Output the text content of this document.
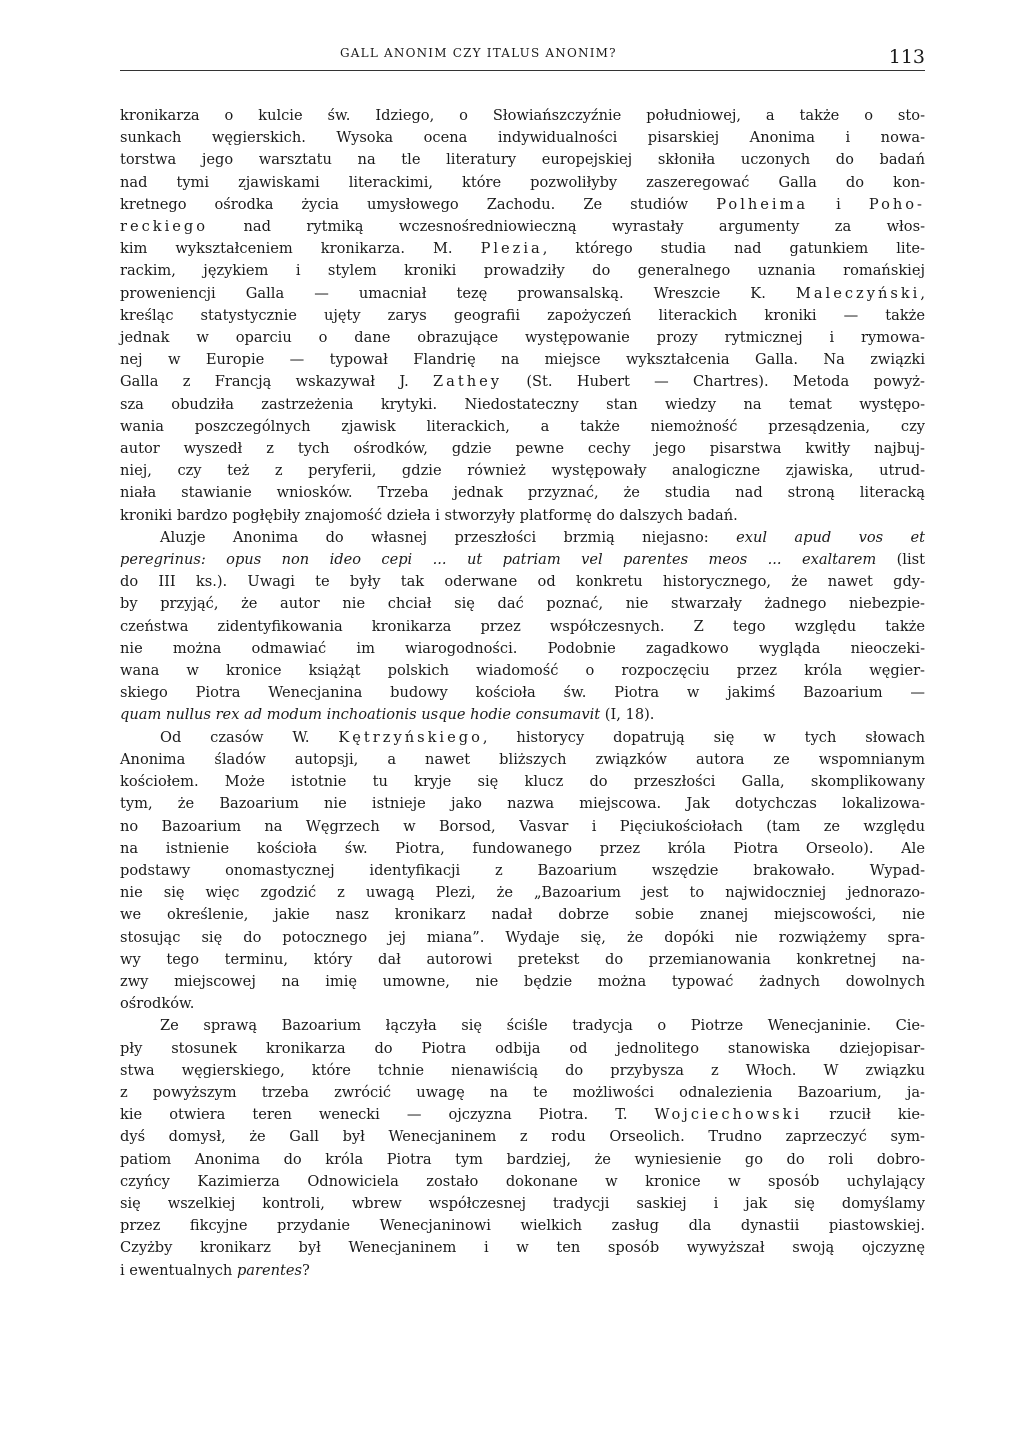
GALL ANONIM CZY ITALUS ANONIM?	113
kronikarza o kulcie św. Idziego, o Słowiańszczyźnie południowej, a także o sto-
sunkach węgierskich. Wysoka ocena indywidualności pisarskiej Anonima i nowa-
torstwa jego warsztatu na tle literatury europejskiej skłoniła uczonych do badań
nad tymi zjawiskami literackimi, które pozwoliłyby zaszeregować Galla do kon-
kretnego ośrodka życia umysłowego Zachodu. Ze studiów Polheima i Poho-
reckiego nad rytmiką wczesnośredniowieczną wyrastały argumenty za włos-
kim wykształceniem kronikarza. M. Plezia, którego studia nad gatunkiem lite-
rackim, językiem i stylem kroniki prowadziły do generalnego uznania romańskiej
proweniencji Galla — umacniał tezę prowansalską. Wreszcie K. Maleczyński,
kreśląc statystycznie ujęty zarys geografii zapożyczeń literackich kroniki — także
jednak w oparciu o dane obrazujące występowanie prozy rytmicznej i rymowa-
nej w Europie — typował Flandrię na miejsce wykształcenia Galla. Na związki
Galla z Francją wskazywał J. Zathey (St. Hubert — Chartres). Metoda powyż-
sza obudziła zastrzeżenia krytyki. Niedostateczny stan wiedzy na temat występo-
wania poszczególnych zjawisk literackich, a także niemożność przesądzenia, czy
autor wyszedł z tych ośrodków, gdzie pewne cechy jego pisarstwa kwitły najbuj-
niej, czy też z peryferii, gdzie również występowały analogiczne zjawiska, utrud-
niała stawianie wniosków. Trzeba jednak przyznać, że studia nad stroną literacką
kroniki bardzo pogłębiły znajomość dzieła i stworzyły platformę do dalszych badań.
Aluzje Anonima do własnej przeszłości brzmią niejasno: exul apud vos et
peregrinus: opus non ideo cepi ... ut patriam vel parentes meos ... exaltarem (list
do III ks.). Uwagi te były tak oderwane od konkretu historycznego, że nawet gdy-
by przyjąć, że autor nie chciał się dać poznać, nie stwarzały żadnego niebezpie-
czeństwa zidentyfikowania kronikarza przez współczesnych. Z tego względu także
nie można odmawiać im wiarogodności. Podobnie zagadkowo wygląda nieoczeki-
wana w kronice książąt polskich wiadomość o rozpoczęciu przez króla węgier-
skiego Piotra Wenecjanina budowy kościoła św. Piotra w jakimś Bazoarium —
quam nullus rex ad modum inchoationis usque hodie consumavit (I, 18).
Od czasów W. Kętrzyńskiego, historycy dopatrują się w tych słowach
Anonima śladów autopsji, a nawet bliższych związków autora ze wspomnianym
kościołem. Może istotnie tu kryje się klucz do przeszłości Galla, skomplikowany
tym, że Bazoarium nie istnieje jako nazwa miejscowa. Jak dotychczas lokalizowa-
no Bazoarium na Węgrzech w Borsod, Vasvar i Pięciukościołach (tam ze względu
na istnienie kościoła św. Piotra, fundowanego przez króla Piotra Orseolo). Ale
podstawy onomastycznej identyfikacji z Bazoarium wszędzie brakowało. Wypad-
nie się więc zgodzić z uwagą Plezi, że „Bazoarium jest to najwidoczniej jednorazo-
we określenie, jakie nasz kronikarz nadał dobrze sobie znanej miejscowości, nie
stosując się do potocznego jej miana”. Wydaje się, że dopóki nie rozwiążemy spra-
wy tego terminu, który dał autorowi pretekst do przemianowania konkretnej na-
zwy miejscowej na imię umowne, nie będzie można typować żadnych dowolnych
ośrodków.
Ze sprawą Bazoarium łączyła się ściśle tradycja o Piotrze Wenecjaninie. Cie-
pły stosunek kronikarza do Piotra odbija od jednolitego stanowiska dziejopisar-
stwa węgierskiego, które tchnie nienawiścią do przybysza z Włoch. W związku
z powyższym trzeba zwrócić uwagę na te możliwości odnalezienia Bazoarium, ja-
kie otwiera teren wenecki — ojczyzna Piotra. T. Wojciechowski rzucił kie-
dyś domysł, że Gall był Wenecjaninem z rodu Orseolich. Trudno zaprzeczyć sym-
patiom Anonima do króla Piotra tym bardziej, że wyniesienie go do roli dobro-
czyńcy Kazimierza Odnowiciela zostało dokonane w kronice w sposób uchylający
się wszelkiej kontroli, wbrew współczesnej tradycji saskiej i jak się domyślamy
przez fikcyjne przydanie Wenecjaninowi wielkich zasług dla dynastii piastowskiej.
Czyżby kronikarz był Wenecjaninem i w ten sposób wywyższał swoją ojczyznę
i ewentualnych parentes?
